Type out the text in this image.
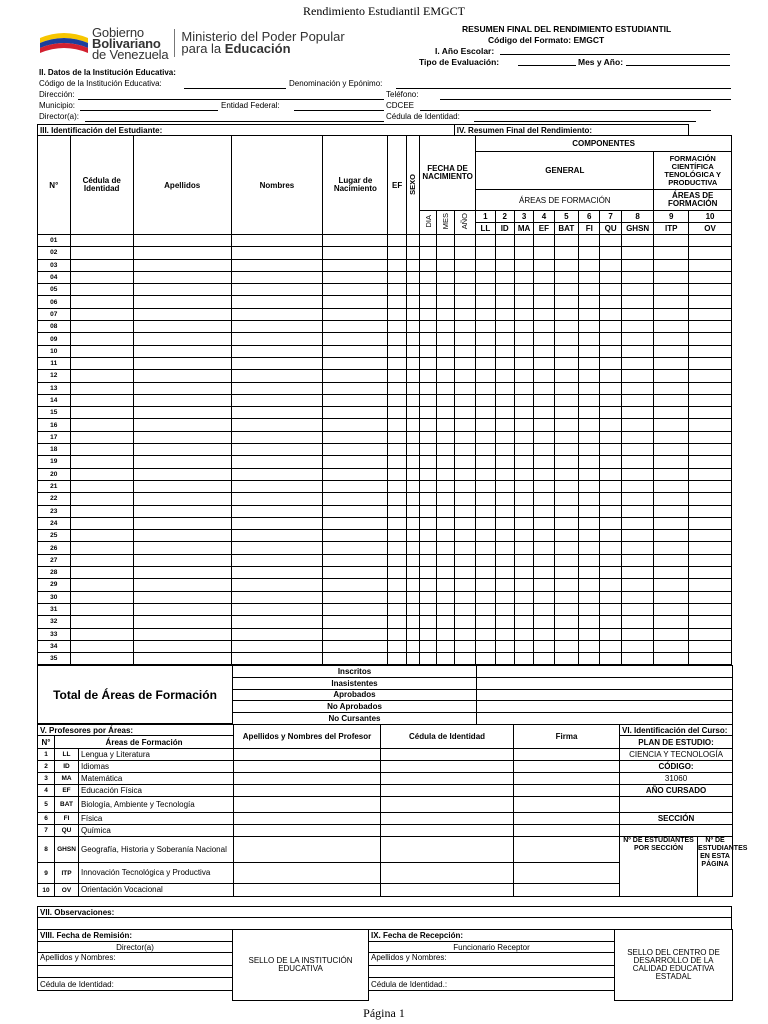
Rendimiento Estudiantil EMGCT
Gobierno
Bolivariano
de Venezuela
Ministerio del Poder Popular
para la Educación
RESUMEN FINAL DEL RENDIMIENTO ESTUDIANTIL
Código del Formato: EMGCT
I. Año Escolar:
Tipo de Evaluación:	Mes y Año:
II. Datos de la Institución Educativa:
Código de la Institución Educativa:	Denominación y Epónimo:
Dirección:	Teléfono:
Municipio:	Entidad Federal:	CDCEE
Director(a):	Cédula de Identidad:
III. Identificación del Estudiante:									IV. Resumen Final del Rendimiento:										
N°	Cédula de Identidad	Apellidos	Nombres	Lugar de Nacimiento	EF	SEXO	FECHA DE NACIMIENTO			COMPONENTES									
										GENERAL								FORMACIÓN CIENTÍFICA TENOLÓGICA Y PRODUCTIVA	
										ÁREAS DE FORMACIÓN								ÁREAS DE FORMACIÓN	
							DIA	MES	AÑO	1	2	3	4	5	6	7	8	9	10
										LL	ID	MA	EF	BAT	FI	QU	GHSN	ITP	OV
01																			
02																			
03																			
04																			
05																			
06																			
07																			
08																			
09																			
10																			
11																			
12																			
13																			
14																			
15																			
16																			
17																			
18																			
19																			
20																			
21																			
22																			
23																			
24																			
25																			
26																			
27																			
28																			
29																			
30																			
31																			
32																			
33																			
34																			
35																			
Total de Áreas de Formación
Inscritos	
Inasistentes	
Aprobados	
No Aprobados	
No Cursantes	
V. Profesores por Áreas:			Apellidos y Nombres del Profesor	Cédula de Identidad	Firma	VI. Identificación del Curso:	
N°	Áreas de Formación					PLAN DE ESTUDIO:	
1	LL	Lengua y Literatura				CIENCIA Y TECNOLOGÍA	
2	ID	Idiomas				CÓDIGO:	
3	MA	Matemática				31060	
4	EF	Educación Física				AÑO CURSADO	
5	BAT	Biología, Ambiente y Tecnología					
6	FI	Física				SECCIÓN	
7	QU	Química					
8	GHSN	Geografía, Historia y Soberanía Nacional				Nº DE ESTUDIANTES POR SECCIÓN	Nº DE ESTUDIANTES EN ESTA PÁGINA
9	ITP	Innovación Tecnológica y Productiva					
10	OV	Orientación Vocacional					
VII. Observaciones:
VIII. Fecha de Remisión:	SELLO DE LA INSTITUCIÓN EDUCATIVA	IX. Fecha de Recepción:	SELLO DEL CENTRO DE DESARROLLO DE LA CALIDAD EDUCATIVA ESTADAL
Director(a)		Funcionario Receptor	
Apellidos y Nombres:		Apellidos y Nombres:	

Cédula de Identidad:		Cédula de Identidad.:	

Página 1
